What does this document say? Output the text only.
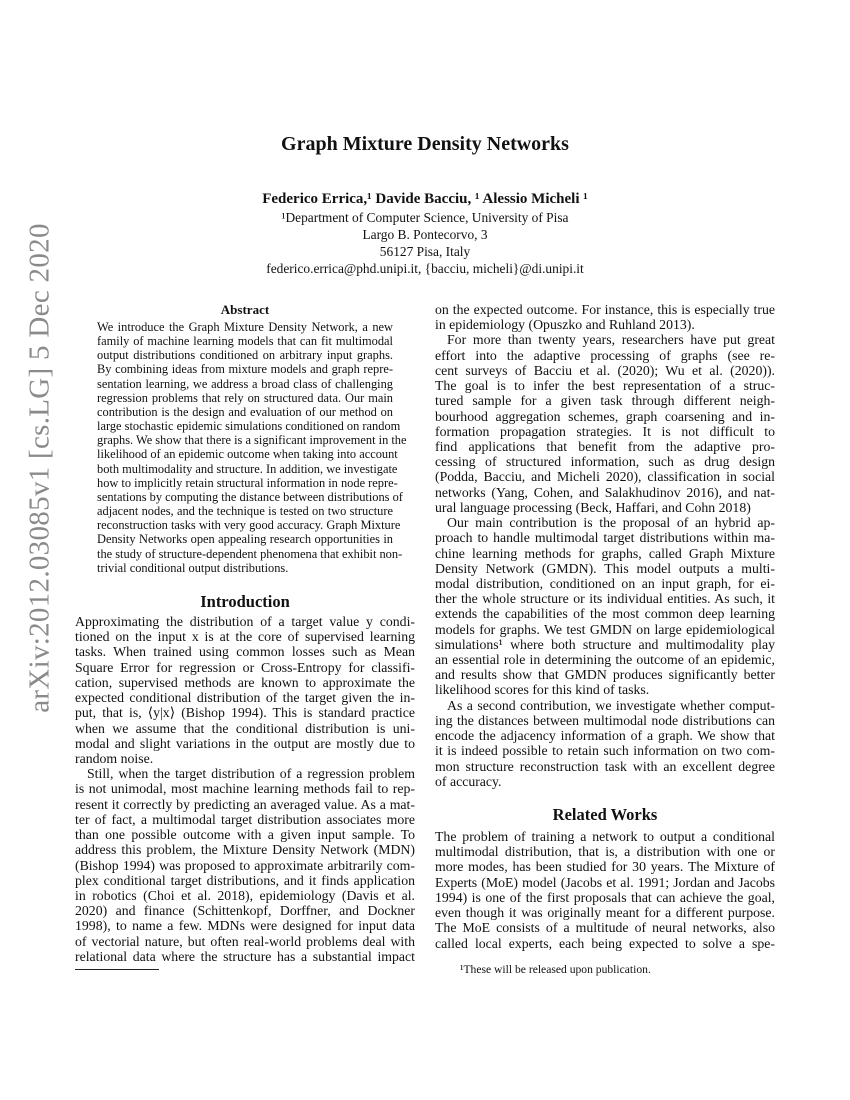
arXiv:2012.03085v1 [cs.LG] 5 Dec 2020
Graph Mixture Density Networks
Federico Errica,¹ Davide Bacciu, ¹ Alessio Micheli ¹
¹Department of Computer Science, University of Pisa
Largo B. Pontecorvo, 3
56127 Pisa, Italy
federico.errica@phd.unipi.it, {bacciu, micheli}@di.unipi.it
Abstract
We introduce the Graph Mixture Density Network, a new
family of machine learning models that can fit multimodal
output distributions conditioned on arbitrary input graphs.
By combining ideas from mixture models and graph repre-
sentation learning, we address a broad class of challenging
regression problems that rely on structured data. Our main
contribution is the design and evaluation of our method on
large stochastic epidemic simulations conditioned on random
graphs. We show that there is a significant improvement in the
likelihood of an epidemic outcome when taking into account
both multimodality and structure. In addition, we investigate
how to implicitly retain structural information in node repre-
sentations by computing the distance between distributions of
adjacent nodes, and the technique is tested on two structure
reconstruction tasks with very good accuracy. Graph Mixture
Density Networks open appealing research opportunities in
the study of structure-dependent phenomena that exhibit non-
trivial conditional output distributions.
Introduction
Approximating the distribution of a target value y condi-
tioned on the input x is at the core of supervised learning
tasks. When trained using common losses such as Mean
Square Error for regression or Cross-Entropy for classifi-
cation, supervised methods are known to approximate the
expected conditional distribution of the target given the in-
put, that is, ⟨y|x⟩ (Bishop 1994). This is standard practice
when we assume that the conditional distribution is uni-
modal and slight variations in the output are mostly due to
random noise.
Still, when the target distribution of a regression problem
is not unimodal, most machine learning methods fail to rep-
resent it correctly by predicting an averaged value. As a mat-
ter of fact, a multimodal target distribution associates more
than one possible outcome with a given input sample. To
address this problem, the Mixture Density Network (MDN)
(Bishop 1994) was proposed to approximate arbitrarily com-
plex conditional target distributions, and it finds application
in robotics (Choi et al. 2018), epidemiology (Davis et al.
2020) and finance (Schittenkopf, Dorffner, and Dockner
1998), to name a few. MDNs were designed for input data
of vectorial nature, but often real-world problems deal with
relational data where the structure has a substantial impact
on the expected outcome. For instance, this is especially true
in epidemiology (Opuszko and Ruhland 2013).
For more than twenty years, researchers have put great
effort into the adaptive processing of graphs (see re-
cent surveys of Bacciu et al. (2020); Wu et al. (2020)).
The goal is to infer the best representation of a struc-
tured sample for a given task through different neigh-
bourhood aggregation schemes, graph coarsening and in-
formation propagation strategies. It is not difficult to
find applications that benefit from the adaptive pro-
cessing of structured information, such as drug design
(Podda, Bacciu, and Micheli 2020), classification in social
networks (Yang, Cohen, and Salakhudinov 2016), and nat-
ural language processing (Beck, Haffari, and Cohn 2018)
Our main contribution is the proposal of an hybrid ap-
proach to handle multimodal target distributions within ma-
chine learning methods for graphs, called Graph Mixture
Density Network (GMDN). This model outputs a multi-
modal distribution, conditioned on an input graph, for ei-
ther the whole structure or its individual entities. As such, it
extends the capabilities of the most common deep learning
models for graphs. We test GMDN on large epidemiological
simulations¹ where both structure and multimodality play
an essential role in determining the outcome of an epidemic,
and results show that GMDN produces significantly better
likelihood scores for this kind of tasks.
As a second contribution, we investigate whether comput-
ing the distances between multimodal node distributions can
encode the adjacency information of a graph. We show that
it is indeed possible to retain such information on two com-
mon structure reconstruction task with an excellent degree
of accuracy.
Related Works
The problem of training a network to output a conditional
multimodal distribution, that is, a distribution with one or
more modes, has been studied for 30 years. The Mixture of
Experts (MoE) model (Jacobs et al. 1991; Jordan and Jacobs
1994) is one of the first proposals that can achieve the goal,
even though it was originally meant for a different purpose.
The MoE consists of a multitude of neural networks, also
called local experts, each being expected to solve a spe-
¹These will be released upon publication.
